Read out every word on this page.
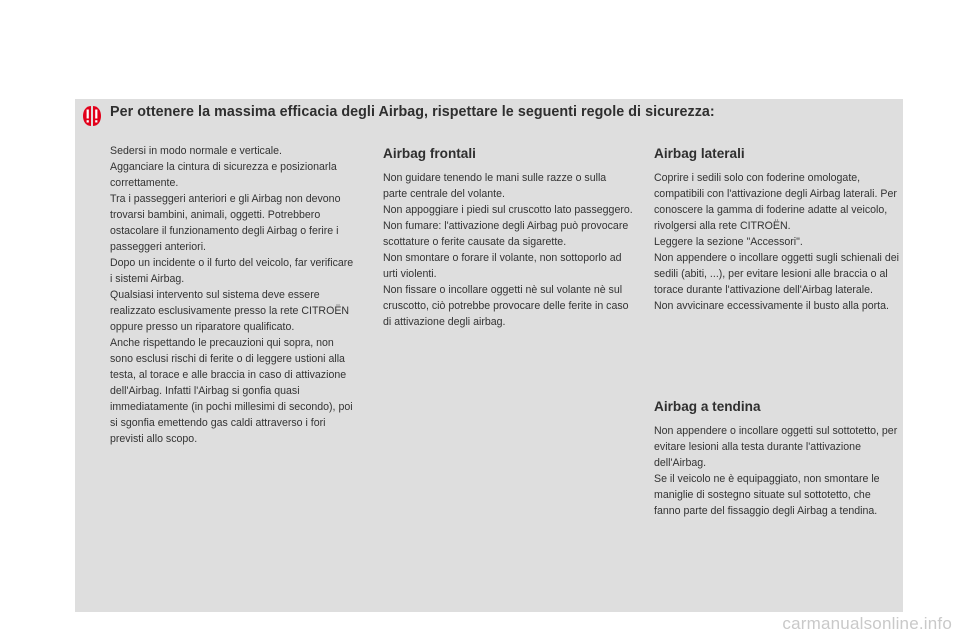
Per ottenere la massima efficacia degli Airbag, rispettare le seguenti regole di sicurezza:

Sedersi in modo normale e verticale.
Agganciare la cintura di sicurezza e posizionarla correttamente.
Tra i passeggeri anteriori e gli Airbag non devono trovarsi bambini, animali, oggetti. Potrebbero ostacolare il funzionamento degli Airbag o ferire i passeggeri anteriori.
Dopo un incidente o il furto del veicolo, far verificare i sistemi Airbag.
Qualsiasi intervento sul sistema deve essere realizzato esclusivamente presso la rete CITROËN oppure presso un riparatore qualificato.
Anche rispettando le precauzioni qui sopra, non sono esclusi rischi di ferite o di leggere ustioni alla testa, al torace e alle braccia in caso di attivazione dell'Airbag. Infatti l'Airbag si gonfia quasi immediatamente (in pochi millesimi di secondo), poi si sgonfia emettendo gas caldi attraverso i fori previsti allo scopo.

Airbag frontali

Non guidare tenendo le mani sulle razze o sulla parte centrale del volante.
Non appoggiare i piedi sul cruscotto lato passeggero.
Non fumare: l'attivazione degli Airbag può provocare scottature o ferite causate da sigarette.
Non smontare o forare il volante, non sottoporlo ad urti violenti.
Non fissare o incollare oggetti nè sul volante nè sul cruscotto, ciò potrebbe provocare delle ferite in caso di attivazione degli airbag.

Airbag laterali

Coprire i sedili solo con foderine omologate, compatibili con l'attivazione degli Airbag laterali. Per conoscere la gamma di foderine adatte al veicolo, rivolgersi alla rete CITROËN.
Leggere la sezione "Accessori".
Non appendere o incollare oggetti sugli schienali dei sedili (abiti, ...), per evitare lesioni alle braccia o al torace durante l'attivazione dell'Airbag laterale.
Non avvicinare eccessivamente il busto alla porta.

Airbag a tendina

Non appendere o incollare oggetti sul sottotetto, per evitare lesioni alla testa durante l'attivazione dell'Airbag.
Se il veicolo ne è equipaggiato, non smontare le maniglie di sostegno situate sul sottotetto, che fanno parte del fissaggio degli Airbag a tendina.

carmanualsonline.info
